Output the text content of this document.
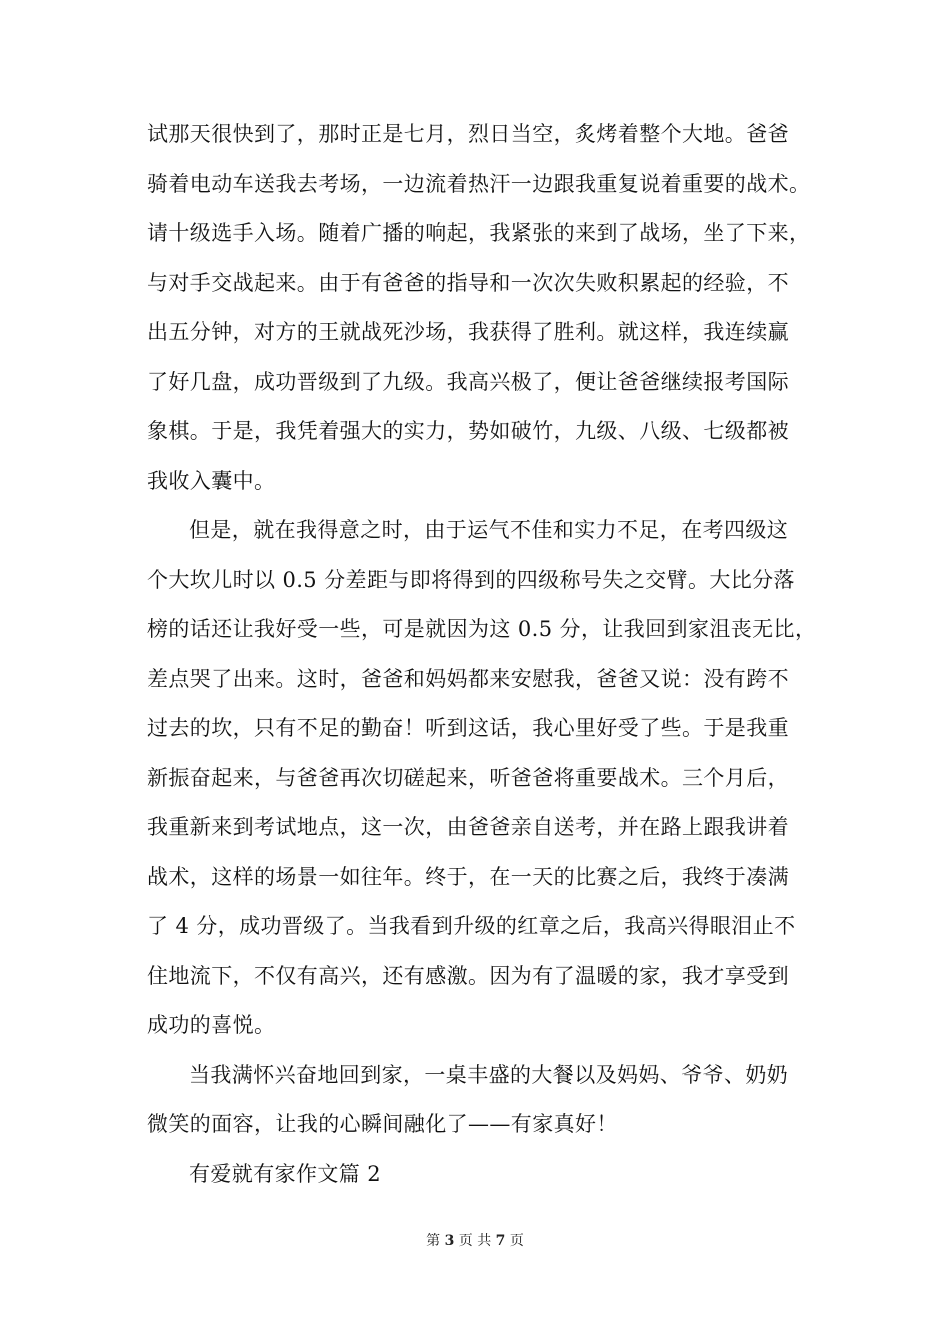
试那天很快到了，那时正是七月，烈日当空，炙烤着整个大地。爸爸
骑着电动车送我去考场，一边流着热汗一边跟我重复说着重要的战术。
请十级选手入场。随着广播的响起，我紧张的来到了战场，坐了下来，
与对手交战起来。由于有爸爸的指导和一次次失败积累起的经验，不
出五分钟，对方的王就战死沙场，我获得了胜利。就这样，我连续赢
了好几盘，成功晋级到了九级。我高兴极了，便让爸爸继续报考国际
象棋。于是，我凭着强大的实力，势如破竹，九级、八级、七级都被
我收入囊中。
但是，就在我得意之时，由于运气不佳和实力不足，在考四级这
个大坎儿时以 0.5 分差距与即将得到的四级称号失之交臂。大比分落
榜的话还让我好受一些，可是就因为这 0.5 分，让我回到家沮丧无比，
差点哭了出来。这时，爸爸和妈妈都来安慰我，爸爸又说：没有跨不
过去的坎，只有不足的勤奋！听到这话，我心里好受了些。于是我重
新振奋起来，与爸爸再次切磋起来，听爸爸将重要战术。三个月后，
我重新来到考试地点，这一次，由爸爸亲自送考，并在路上跟我讲着
战术，这样的场景一如往年。终于，在一天的比赛之后，我终于凑满
了 4 分，成功晋级了。当我看到升级的红章之后，我高兴得眼泪止不
住地流下，不仅有高兴，还有感激。因为有了温暖的家，我才享受到
成功的喜悦。
当我满怀兴奋地回到家，一桌丰盛的大餐以及妈妈、爷爷、奶奶
微笑的面容，让我的心瞬间融化了——有家真好！
有爱就有家作文篇 2
第 3 页 共 7 页
